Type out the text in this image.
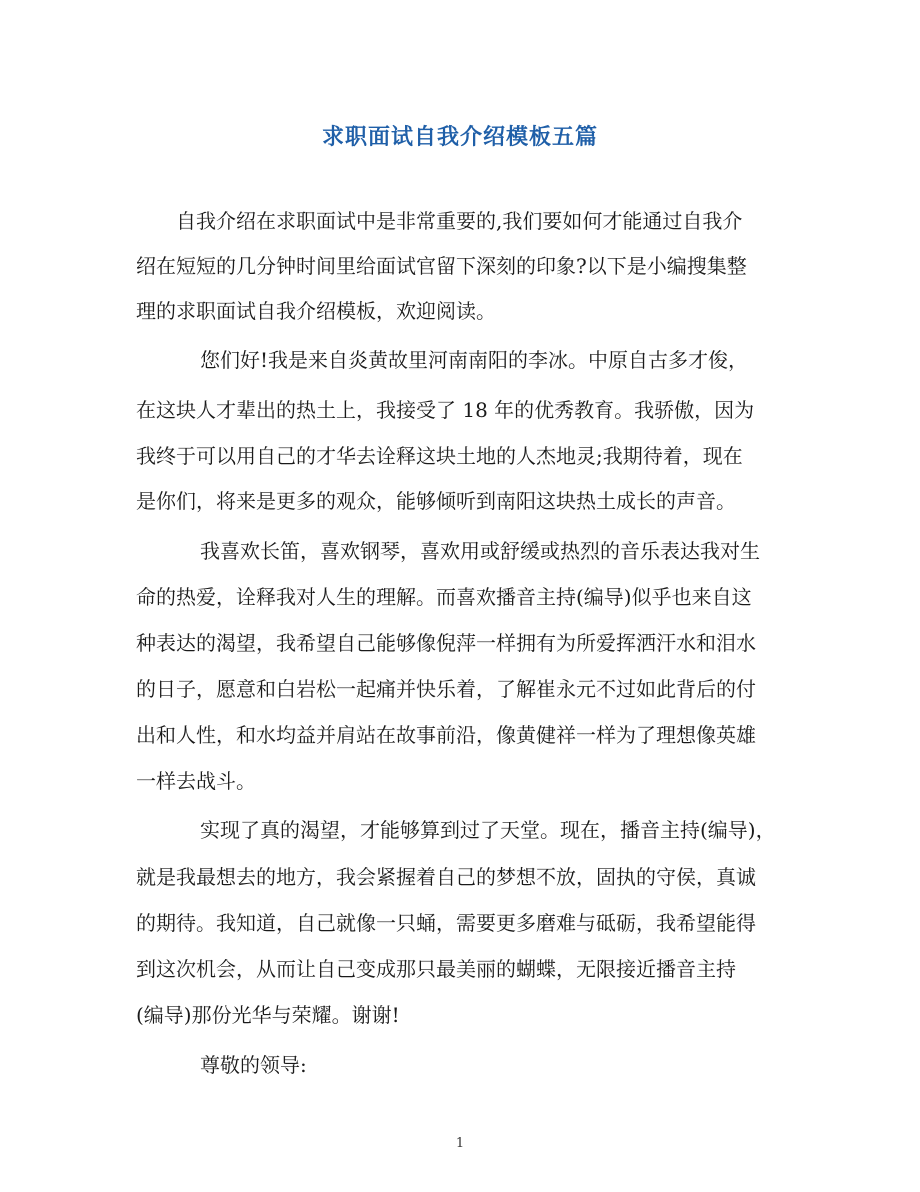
求职面试自我介绍模板五篇
自我介绍在求职面试中是非常重要的,我们要如何才能通过自我介
绍在短短的几分钟时间里给面试官留下深刻的印象?以下是小编搜集整
理的求职面试自我介绍模板，欢迎阅读。
您们好!我是来自炎黄故里河南南阳的李冰。中原自古多才俊，
在这块人才辈出的热土上，我接受了 18 年的优秀教育。我骄傲，因为
我终于可以用自己的才华去诠释这块土地的人杰地灵;我期待着，现在
是你们，将来是更多的观众，能够倾听到南阳这块热土成长的声音。
我喜欢长笛，喜欢钢琴，喜欢用或舒缓或热烈的音乐表达我对生
命的热爱，诠释我对人生的理解。而喜欢播音主持(编导)似乎也来自这
种表达的渴望，我希望自己能够像倪萍一样拥有为所爱挥洒汗水和泪水
的日子，愿意和白岩松一起痛并快乐着，了解崔永元不过如此背后的付
出和人性，和水均益并肩站在故事前沿，像黄健祥一样为了理想像英雄
一样去战斗。
实现了真的渴望，才能够算到过了天堂。现在，播音主持(编导)，
就是我最想去的地方，我会紧握着自己的梦想不放，固执的守侯，真诚
的期待。我知道，自己就像一只蛹，需要更多磨难与砥砺，我希望能得
到这次机会，从而让自己变成那只最美丽的蝴蝶，无限接近播音主持
(编导)那份光华与荣耀。谢谢!
尊敬的领导:
1
